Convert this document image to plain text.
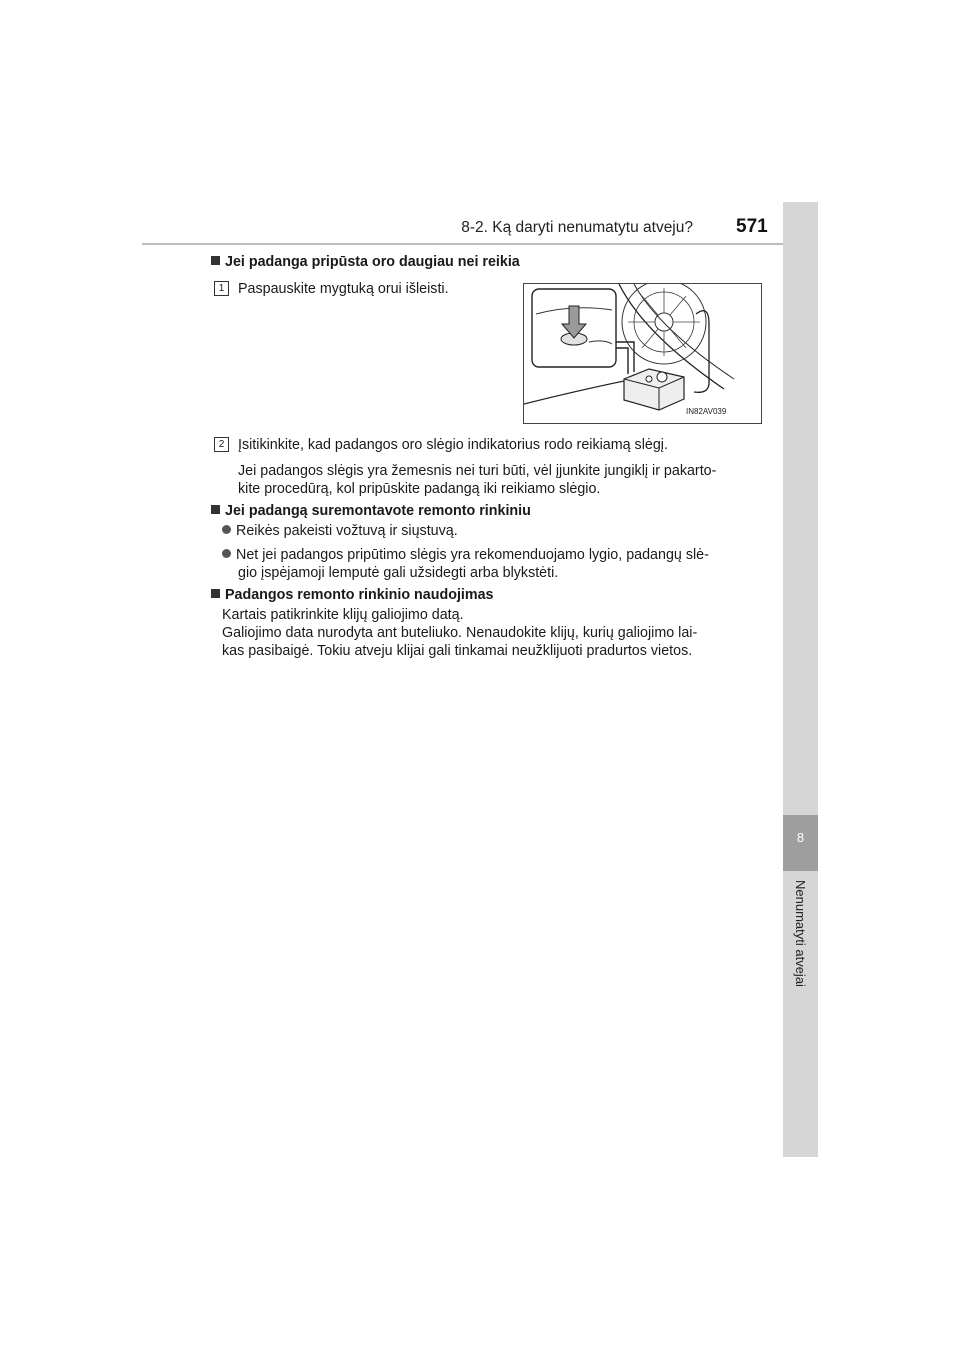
8-2. Ką daryti nenumatytu atveju? 571
8
Nenumatyti atvejai
Jei padanga pripūsta oro daugiau nei reikia
1 Paspauskite mygtuką orui išleisti.
IN82AV039
2 Įsitikinkite, kad padangos oro slėgio indikatorius rodo reikiamą slėgį.
Jei padangos slėgis yra žemesnis nei turi būti, vėl įjunkite jungiklį ir pakarto-
kite procedūrą, kol pripūskite padangą iki reikiamo slėgio.
Jei padangą suremontavote remonto rinkiniu
Reikės pakeisti vožtuvą ir siųstuvą.
Net jei padangos pripūtimo slėgis yra rekomenduojamo lygio, padangų slė-
gio įspėjamoji lemputė gali užsidegti arba blykstėti.
Padangos remonto rinkinio naudojimas
Kartais patikrinkite klijų galiojimo datą.
Galiojimo data nurodyta ant buteliuko. Nenaudokite klijų, kurių galiojimo lai-
kas pasibaigė. Tokiu atveju klijai gali tinkamai neužklijuoti pradurtos vietos.
